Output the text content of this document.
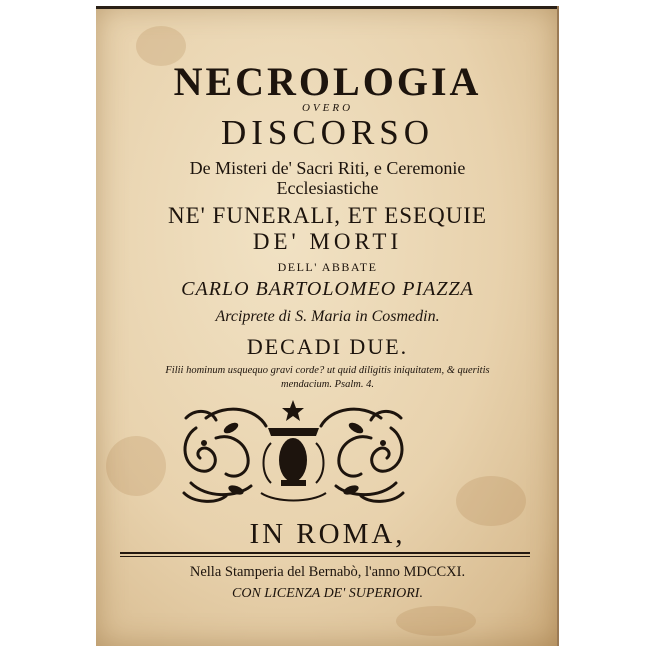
NECROLOGIA
OVERO
DISCORSO
De Misteri de' Sacri Riti, e Ceremonie
Ecclesiastiche
NE' FUNERALI, ET ESEQUIE
DE' MORTI
DELL' ABBATE
CARLO BARTOLOMEO PIAZZA
Arciprete di S. Maria in Cosmedin.
DECADI DUE.
Filii hominum usquequo gravi corde? ut quid diligitis iniquitatem, & queritis
mendacium. Psalm. 4.
IN ROMA,
Nella Stamperia del Bernabò, l'anno MDCCXI.
CON LICENZA DE' SUPERIORI.
